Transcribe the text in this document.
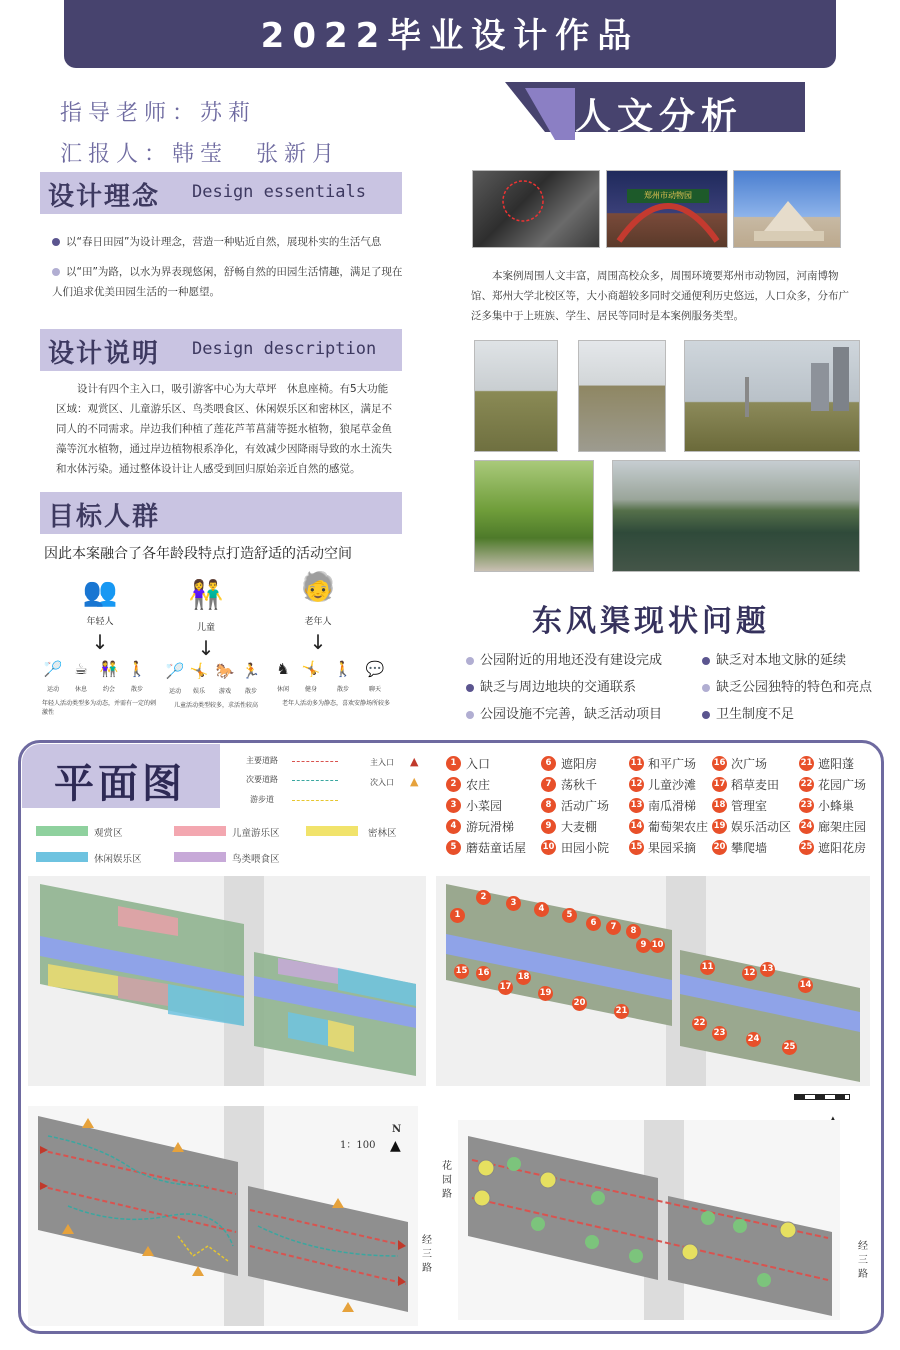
2022毕业设计作品
指导老师：苏莉
汇报人：韩莹　张新月
设计理念 Design essentials
以“春日田园”为设计理念，营造一种贴近自然，展现朴实的生活气息
以“田”为路，以水为界表现悠闲，舒畅自然的田园生活情趣，满足了现在人们追求优美田园生活的一种愿望。
设计说明 Design description
设计有四个主入口，吸引游客中心为大草坪　休息座椅。有5大功能区域：观赏区、儿童游乐区、鸟类喂食区、休闲娱乐区和密林区，满足不同人的不同需求。岸边我们种植了莲花芦苇菖蒲等挺水植物，狼尾草金鱼藻等沉水植物，通过岸边植物根系净化，有效减少因降雨导致的水土流失和水体污染。通过整体设计让人感受到回归原始亲近自然的感觉。
目标人群
因此本案融合了各年龄段特点打造舒适的活动空间
👥
年轻人
↓
👫
儿童
↓
🧓
老年人
↓
🏸
运动
☕
休息
👫
约会
🚶
散步
年轻人活动类型多为动态，并需有一定的刺激性
🏸
运动
🤸
娱乐
🐎
游戏
🏃
散步
儿童活动类型较多，求活性较高
♞
休闲
🤸
健身
🚶
散步
💬
聊天
老年人活动多为静态，喜欢安静场所较多
人文分析
郑州市动物园
本案例周围人文丰富，周围高校众多，周围环境要郑州市动物园，河南博物馆、郑州大学北校区等，大小商超较多同时交通便利历史悠远，人口众多，分布广泛多集中于上班族、学生、居民等同时是本案例服务类型。
东风渠现状问题
公园附近的用地还没有建设完成	缺乏对本地文脉的延续
缺乏与周边地块的交通联系	缺乏公园独特的特色和亮点
公园设施不完善，缺乏活动项目	卫生制度不足
平面图
主要道路
次要道路
游步道
主入口 ▲
次入口 ▲
观赏区	儿童游乐区	密林区
休闲娱乐区	鸟类喂食区
1 入口
2 农庄
3 小菜园
4 游玩滑梯
5 蘑菇童话屋
6 遮阳房
7 荡秋千
8 活动广场
9 大麦棚
10 田园小院
11 和平广场
12 儿童沙滩
13 南瓜滑梯
14 葡萄架农庄
15 果园采摘
16 次广场
17 稻草麦田
18 管理室
19 娱乐活动区
20 攀爬墙
21 遮阳蓬
22 花园广场
23 小蜂巢
24 廊架庄园
25 遮阳花房
1
2
3
4
5
6	7	8
9 10
11
12 13
14
15 16
17
18
19
20
21
22
23
24
25
1：100
N
▲
经三路
花园路
经三路
